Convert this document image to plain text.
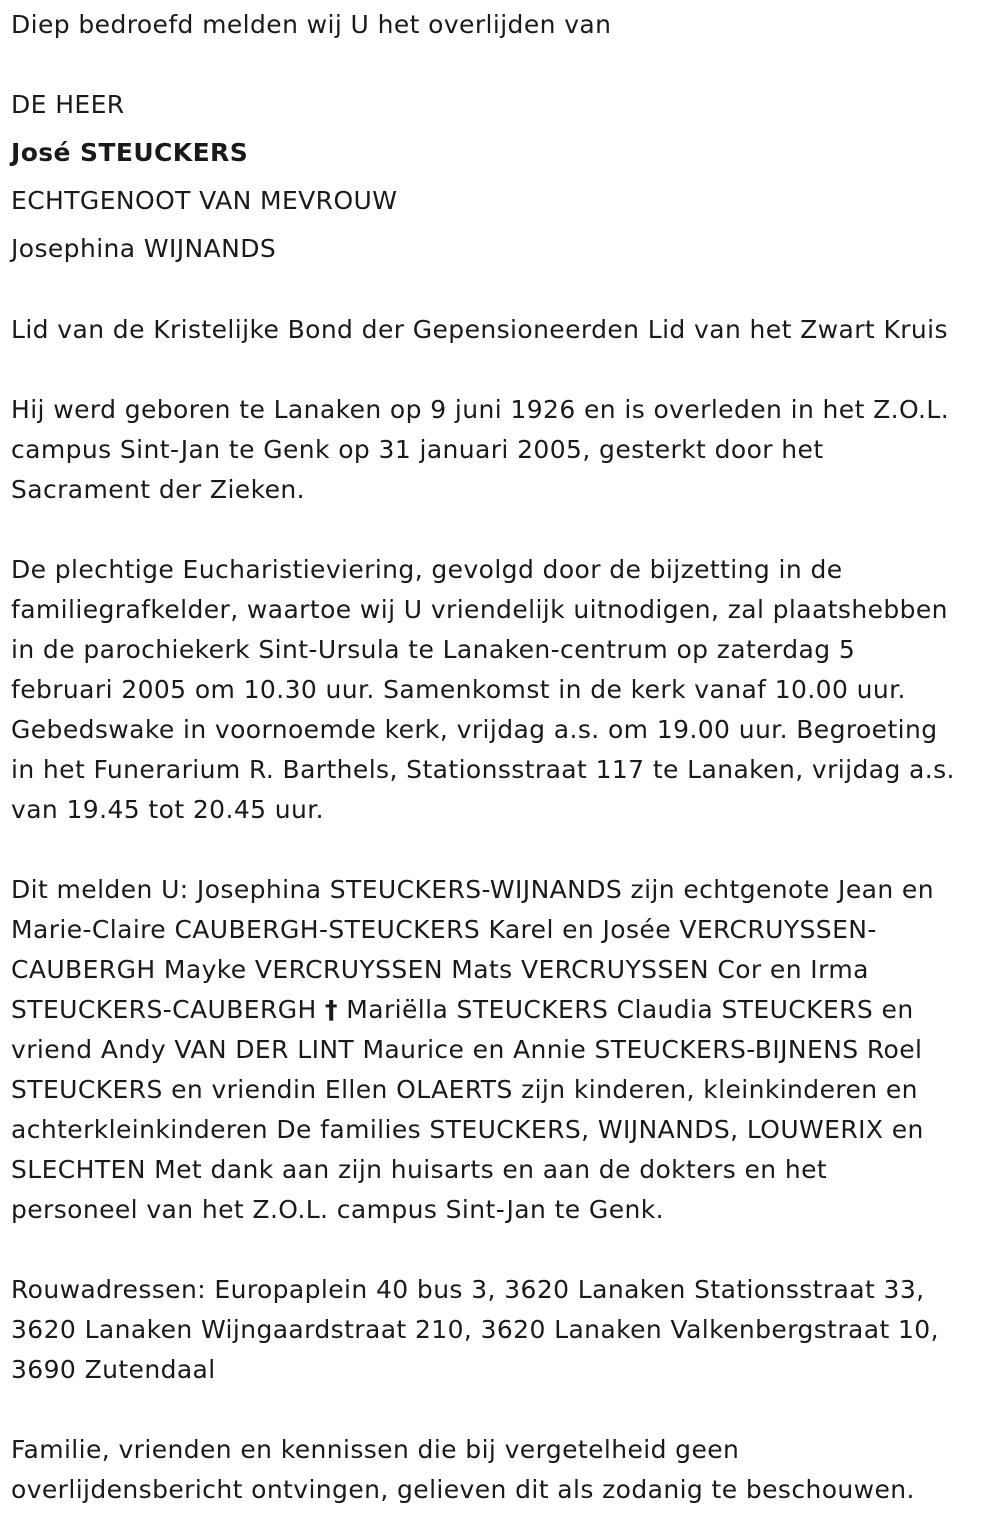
Diep bedroefd melden wij U het overlijden van

DE HEER

José STEUCKERS

ECHTGENOOT VAN MEVROUW

Josephina WIJNANDS

Lid van de Kristelijke Bond der Gepensioneerden Lid van het Zwart Kruis

Hij werd geboren te Lanaken op 9 juni 1926 en is overleden in het Z.O.L.
campus Sint-Jan te Genk op 31 januari 2005, gesterkt door het
Sacrament der Zieken.
De plechtige Eucharistieviering, gevolgd door de bijzetting in de
familiegrafkelder, waartoe wij U vriendelijk uitnodigen, zal plaatshebben
in de parochiekerk Sint-Ursula te Lanaken-centrum op zaterdag 5
februari 2005 om 10.30 uur. Samenkomst in de kerk vanaf 10.00 uur.
Gebedswake in voornoemde kerk, vrijdag a.s. om 19.00 uur. Begroeting
in het Funerarium R. Barthels, Stationsstraat 117 te Lanaken, vrijdag a.s.
van 19.45 tot 20.45 uur.
Dit melden U: Josephina STEUCKERS-WIJNANDS zijn echtgenote Jean en
Marie-Claire CAUBERGH-STEUCKERS Karel en Josée VERCRUYSSEN-
CAUBERGH Mayke VERCRUYSSEN Mats VERCRUYSSEN Cor en Irma
STEUCKERS-CAUBERGH † Mariëlla STEUCKERS Claudia STEUCKERS en
vriend Andy VAN DER LINT Maurice en Annie STEUCKERS-BIJNENS Roel
STEUCKERS en vriendin Ellen OLAERTS zijn kinderen, kleinkinderen en
achterkleinkinderen De families STEUCKERS, WIJNANDS, LOUWERIX en
SLECHTEN Met dank aan zijn huisarts en aan de dokters en het
personeel van het Z.O.L. campus Sint-Jan te Genk.
Rouwadressen: Europaplein 40 bus 3, 3620 Lanaken Stationsstraat 33,
3620 Lanaken Wijngaardstraat 210, 3620 Lanaken Valkenbergstraat 10,
3690 Zutendaal
Familie, vrienden en kennissen die bij vergetelheid geen
overlijdensbericht ontvingen, gelieven dit als zodanig te beschouwen.
